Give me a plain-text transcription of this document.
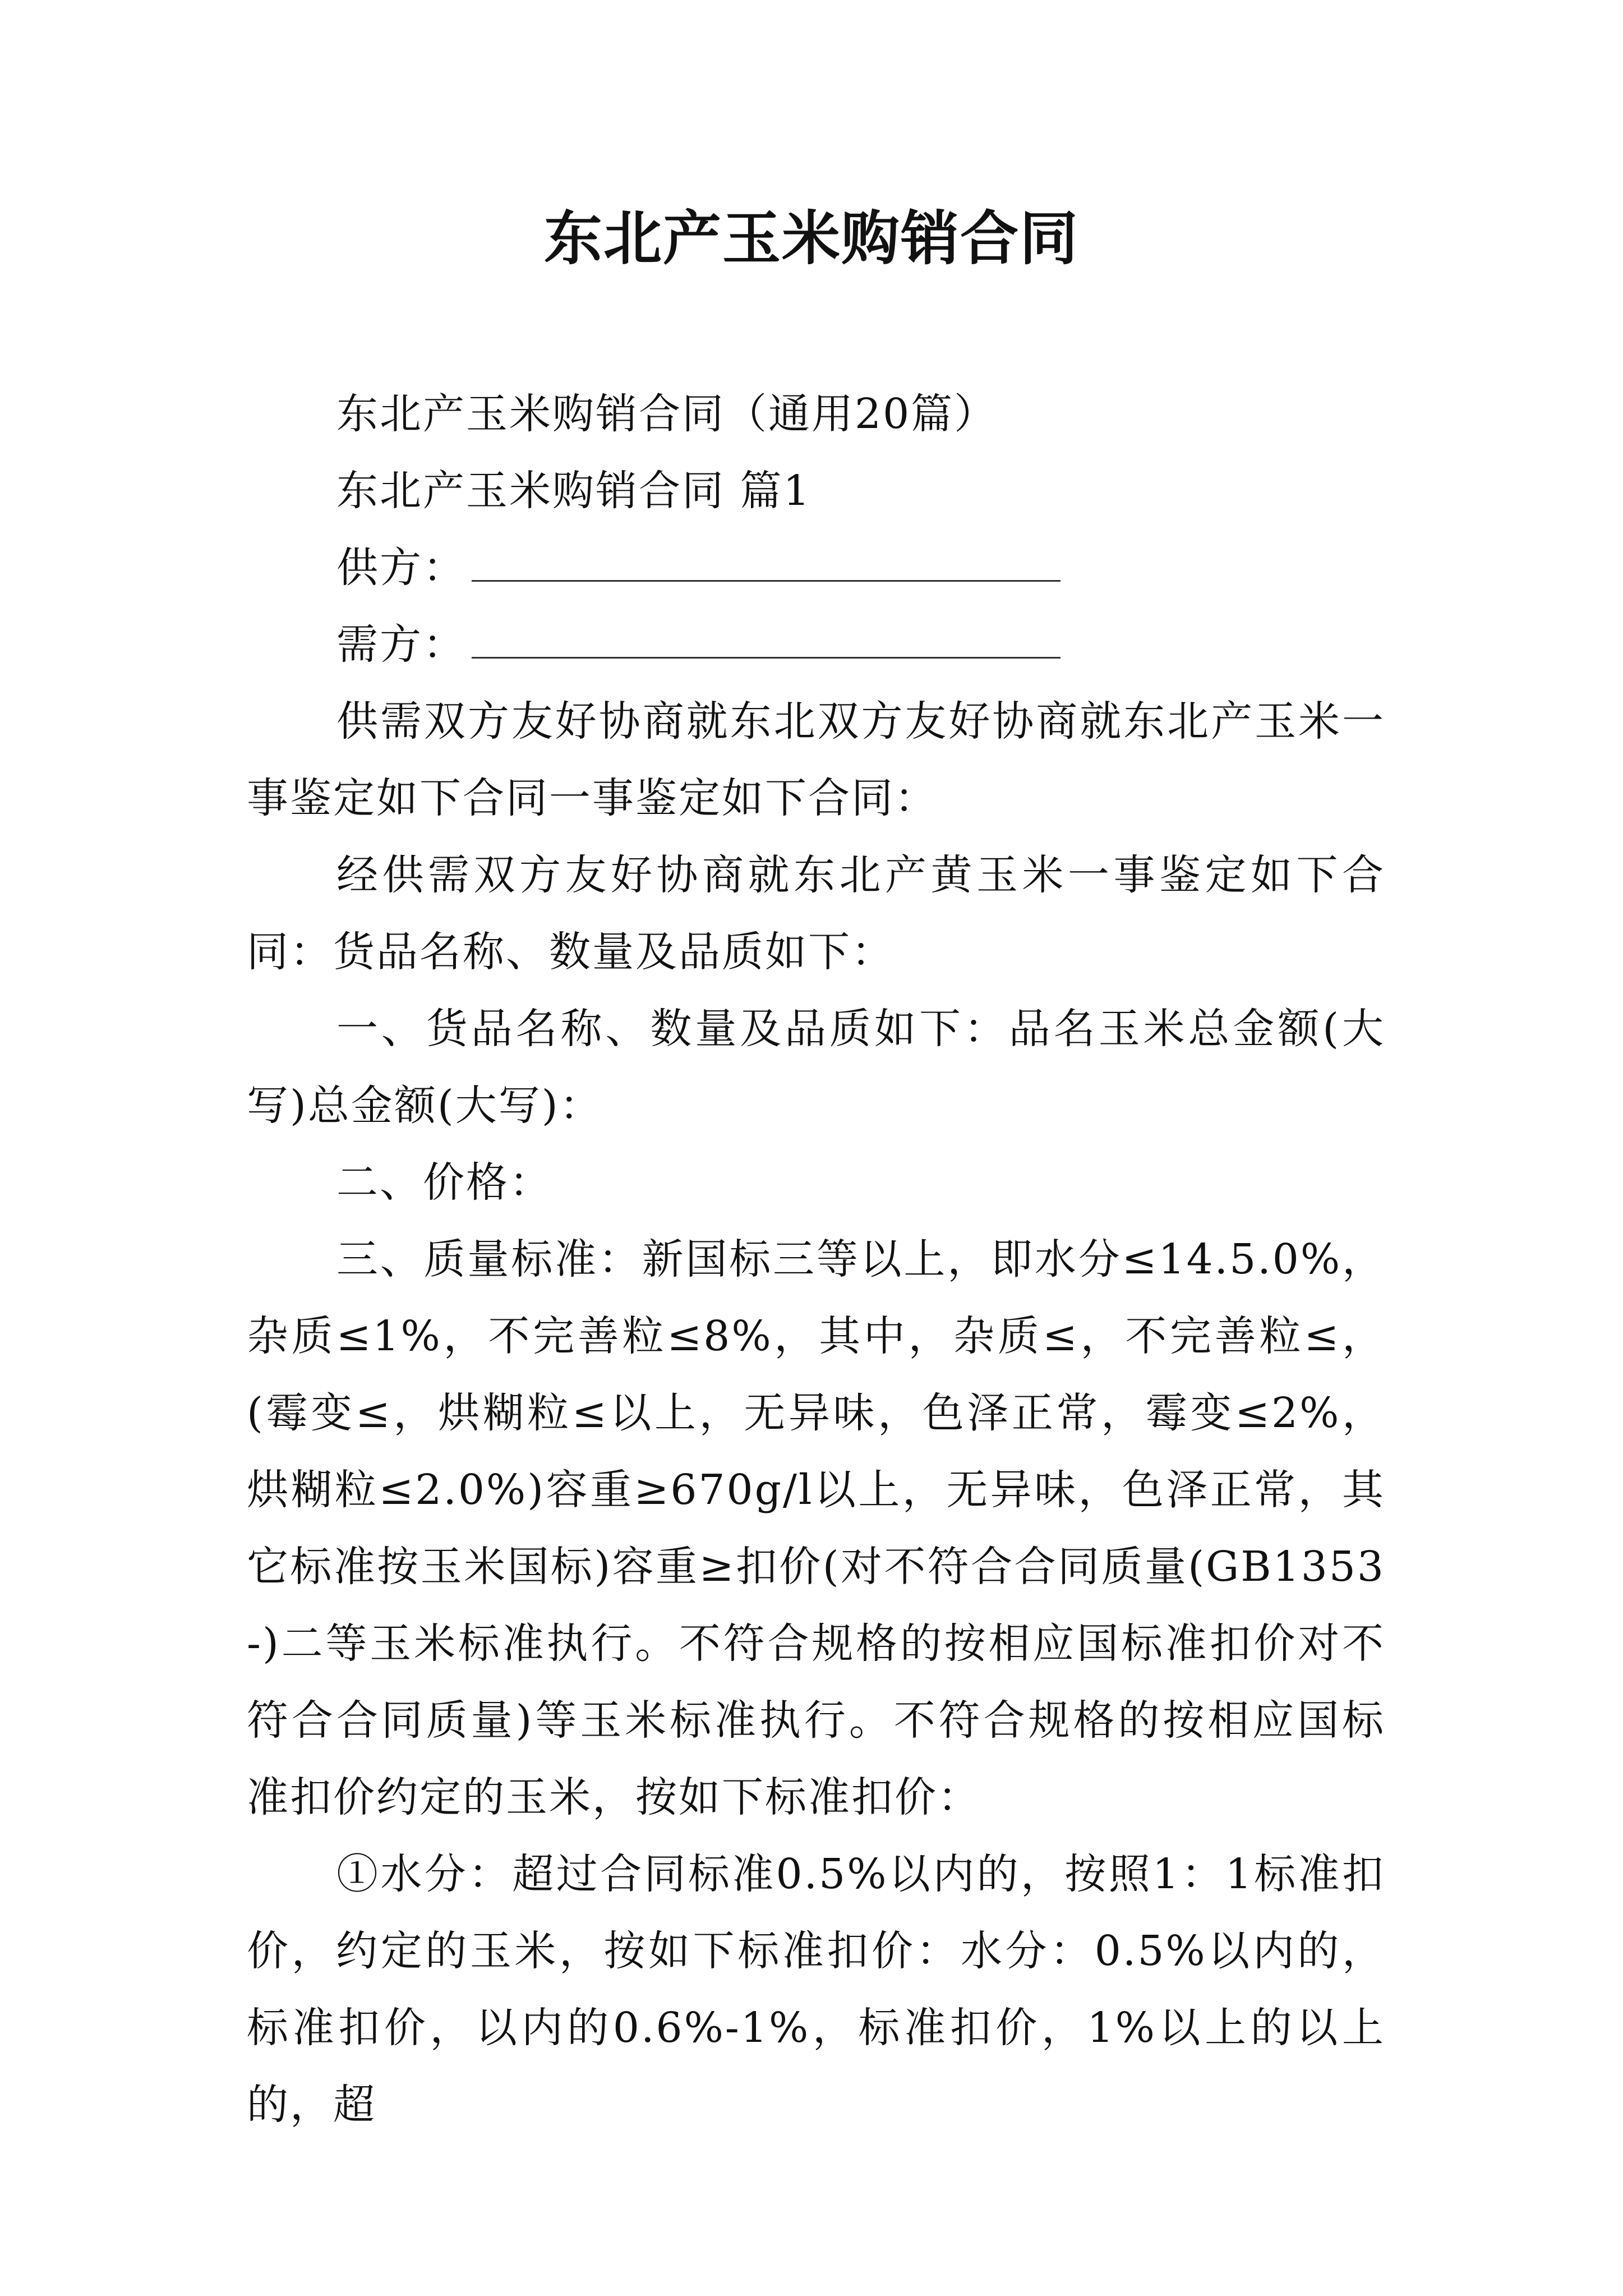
东北产玉米购销合同

东北产玉米购销合同（通用20篇）

东北产玉米购销合同 篇1

供方：

需方：

供需双方友好协商就东北双方友好协商就东北产玉米一事鉴定如下合同一事鉴定如下合同：

经供需双方友好协商就东北产黄玉米一事鉴定如下合同：货品名称、数量及品质如下：

一、货品名称、数量及品质如下：品名玉米总金额(大写)总金额(大写)：

二、价格：

三、质量标准：新国标三等以上，即水分≤14.5.0%，杂质≤1%，不完善粒≤8%，其中，杂质≤，不完善粒≤，(霉变≤，烘糊粒≤以上，无异味，色泽正常，霉变≤2%，烘糊粒≤2.0%)容重≥670g/l以上，无异味，色泽正常，其它标准按玉米国标)容重≥扣价(对不符合合同质量(GB1353-)二等玉米标准执行。不符合规格的按相应国标准扣价对不符合合同质量)等玉米标准执行。不符合规格的按相应国标准扣价约定的玉米，按如下标准扣价：

①水分：超过合同标准0.5%以内的，按照1：1标准扣价，约定的玉米，按如下标准扣价：水分：0.5%以内的，标准扣价，以内的0.6%-1%，标准扣价，1%以上的以上的，超
